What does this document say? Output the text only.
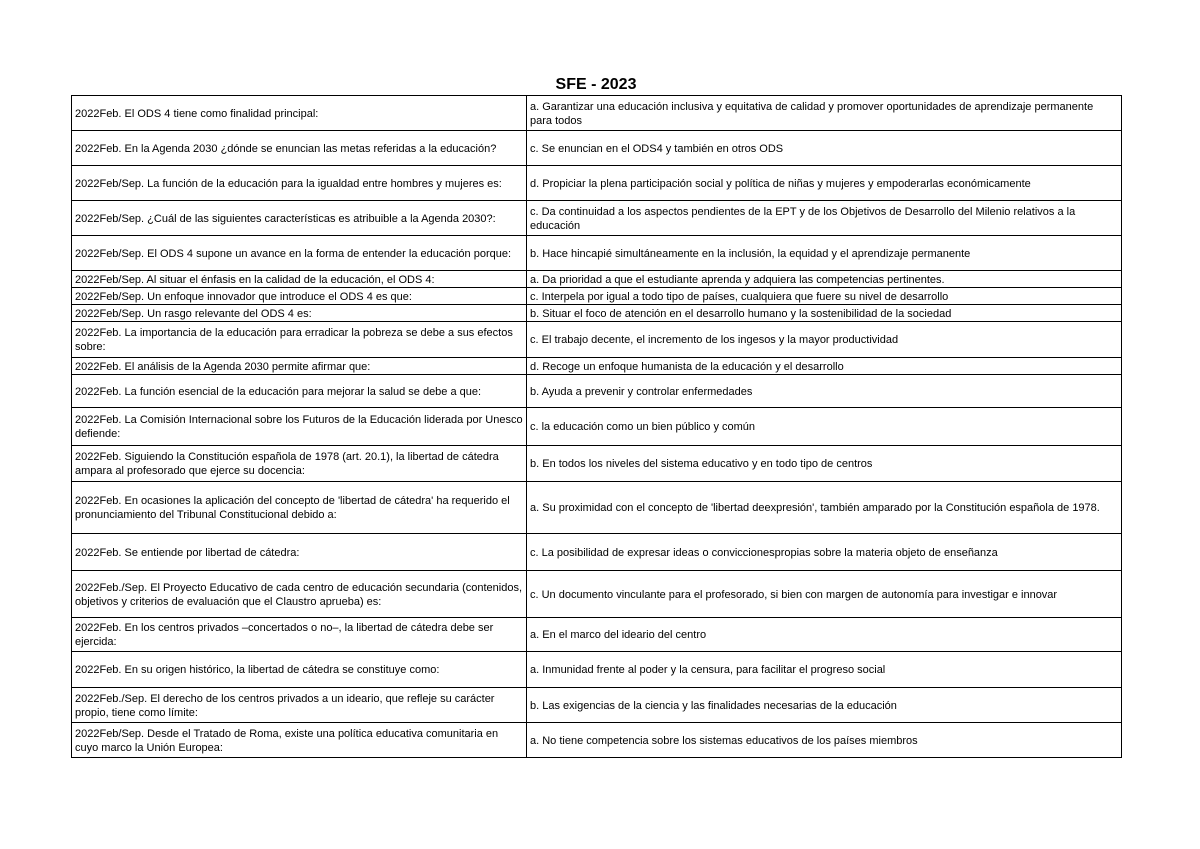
SFE - 2023
2022Feb. El ODS 4 tiene como finalidad principal:	a. Garantizar una educación inclusiva y equitativa de calidad y promover oportunidades de aprendizaje permanente para todos
2022Feb. En la Agenda 2030 ¿dónde se enuncian las metas referidas a la educación?	c. Se enuncian en el ODS4 y también en otros ODS
2022Feb/Sep. La función de la educación para la igualdad entre hombres y mujeres es:	d. Propiciar la plena participación social y política de niñas y mujeres y empoderarlas económicamente
2022Feb/Sep. ¿Cuál de las siguientes características es atribuible a la Agenda 2030?:	c. Da continuidad a los aspectos pendientes de la EPT y de los Objetivos de Desarrollo del Milenio relativos a la educación
2022Feb/Sep. El ODS 4 supone un avance en la forma de entender la educación porque:	b. Hace hincapié simultáneamente en la inclusión, la equidad y el aprendizaje permanente
2022Feb/Sep. Al situar el énfasis en la calidad de la educación, el ODS 4:	a. Da prioridad a que el estudiante aprenda y adquiera las competencias pertinentes.
2022Feb/Sep. Un enfoque innovador que introduce el ODS 4 es que:	c. Interpela por igual a todo tipo de países, cualquiera que fuere su nivel de desarrollo
2022Feb/Sep. Un rasgo relevante del ODS 4 es:	b. Situar el foco de atención en el desarrollo humano y la sostenibilidad de la sociedad
2022Feb. La importancia de la educación para erradicar la pobreza se debe a sus efectos sobre:	c. El trabajo decente, el incremento de los ingesos y la mayor productividad
2022Feb. El análisis de la Agenda 2030 permite afirmar que:	d. Recoge un enfoque humanista de la educación y el desarrollo
2022Feb. La función esencial de la educación para mejorar la salud se debe a que:	b. Ayuda a prevenir y controlar enfermedades
2022Feb. La Comisión Internacional sobre los Futuros de la Educación liderada por Unesco defiende:	c. la educación como un bien público y común
2022Feb. Siguiendo la Constitución española de 1978 (art. 20.1), la libertad de cátedra ampara al profesorado que ejerce su docencia:	b. En todos los niveles del sistema educativo y en todo tipo de centros
2022Feb. En ocasiones la aplicación del concepto de 'libertad de cátedra' ha requerido el pronunciamiento del Tribunal Constitucional debido a:	a. Su proximidad con el concepto de 'libertad deexpresión', también amparado por la Constitución española de 1978.
2022Feb. Se entiende por libertad de cátedra:	c. La posibilidad de expresar ideas o conviccionespropias sobre la materia objeto de enseñanza
2022Feb./Sep. El Proyecto Educativo de cada centro de educación secundaria (contenidos, objetivos y criterios de evaluación que el Claustro aprueba) es:	c. Un documento vinculante para el profesorado, si bien con margen de autonomía para investigar e innovar
2022Feb. En los centros privados –concertados o no–, la libertad de cátedra debe ser ejercida:	a. En el marco del ideario del centro
2022Feb. En su origen histórico, la libertad de cátedra se constituye como:	a. Inmunidad frente al poder y la censura, para facilitar el progreso social
2022Feb./Sep. El derecho de los centros privados a un ideario, que refleje su carácter propio, tiene como límite:	b. Las exigencias de la ciencia y las finalidades necesarias de la educación
2022Feb/Sep. Desde el Tratado de Roma, existe una política educativa comunitaria en cuyo marco la Unión Europea:	a. No tiene competencia sobre los sistemas educativos de los países miembros
